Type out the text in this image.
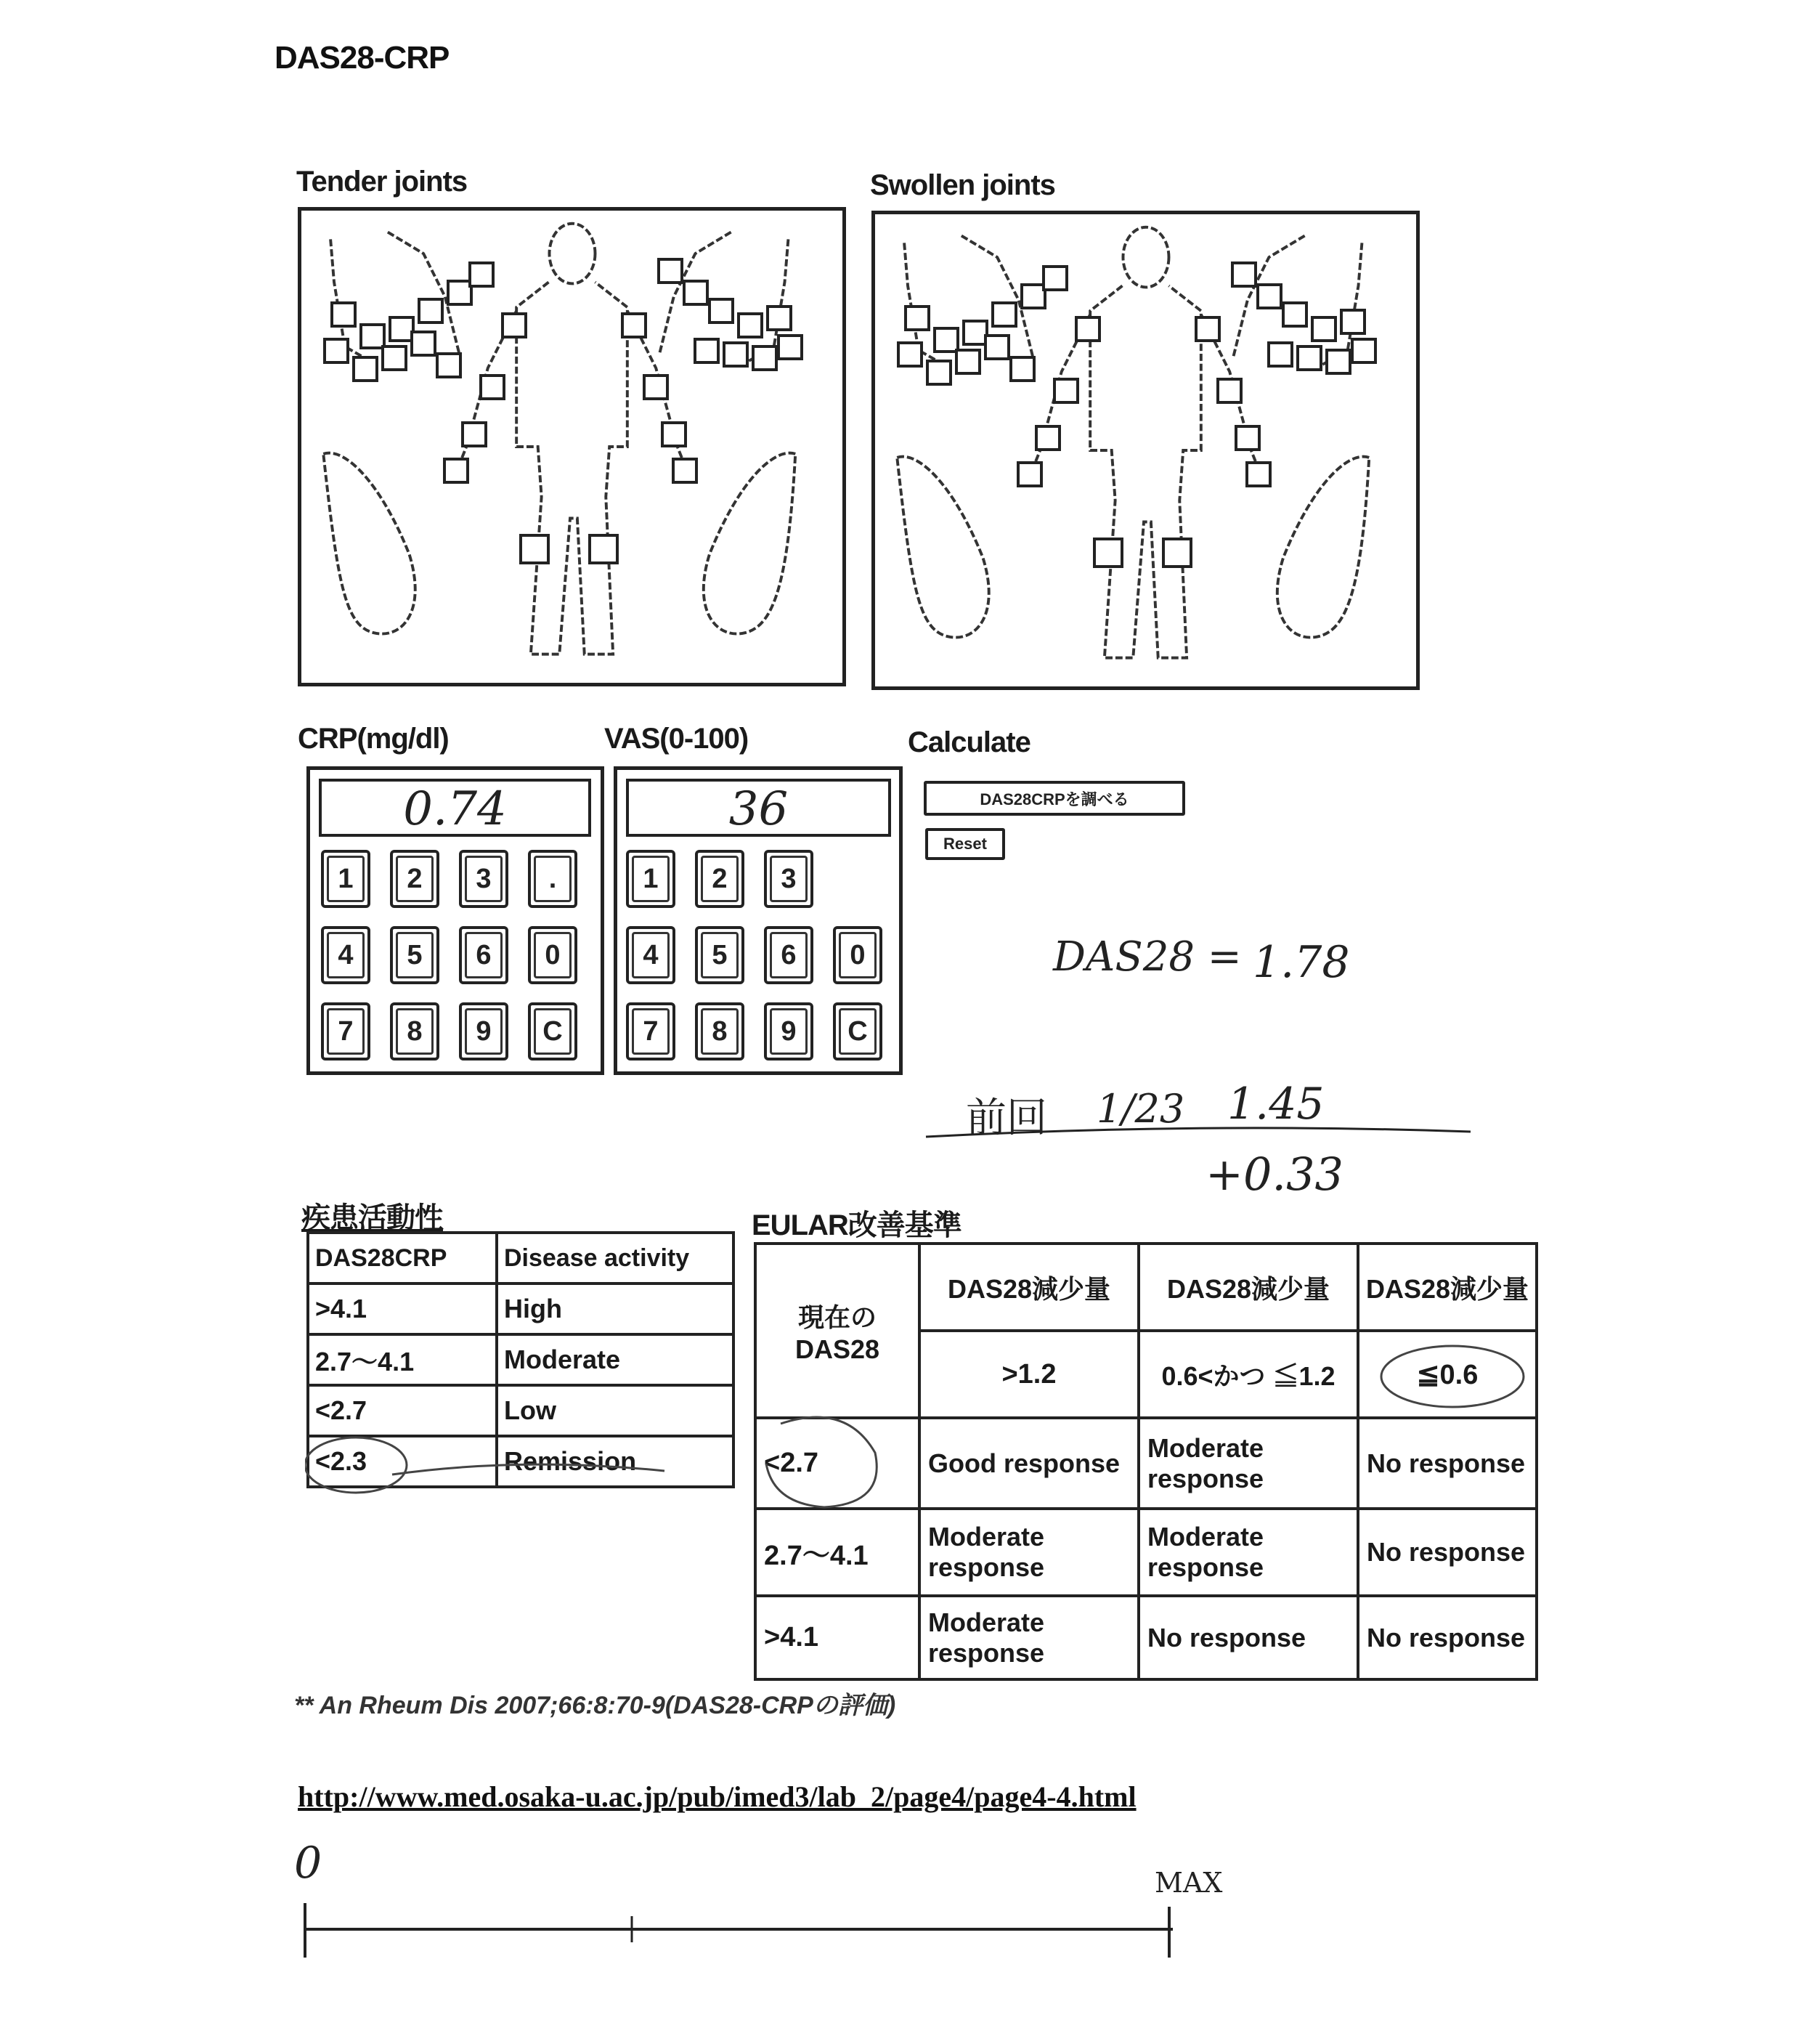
DAS28-CRP
Tender joints	Swollen joints
CRP(mg/dl)
0.74
1	2	3	.
4	5	6	0
7	8	9	C
VAS(0-100)
36
1	2	3
4	5	6	0
7	8	9	C
Calculate
DAS28CRPを調べる
Reset
DAS28 = 1.78
前回 1/23 1.45
+0.33
疾患活動性
DAS28CRP	Disease activity
>4.1	High
2.7〜4.1	Moderate
<2.7	Low
<2.3	Remission
EULAR改善基準
現在の DAS28	DAS28減少量	DAS28減少量	DAS28減少量
	>1.2	0.6<かつ ≦1.2	≦0.6
<2.7	Good response	Moderate response	No response
2.7〜4.1	Moderate response	Moderate response	No response
>4.1	Moderate response	No response	No response
** An Rheum Dis 2007;66:8:70-9(DAS28-CRPの評価)
http://www.med.osaka-u.ac.jp/pub/imed3/lab_2/page4/page4-4.html
0	MAX
